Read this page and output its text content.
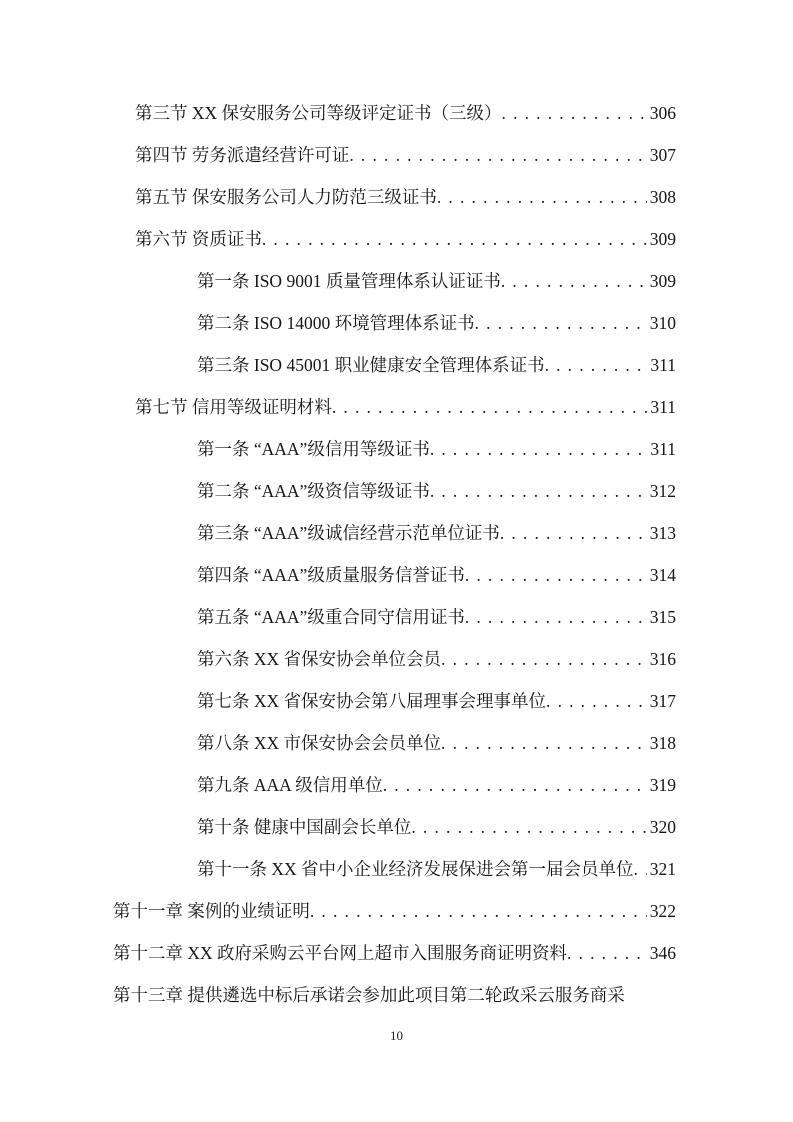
第三节 XX 保安服务公司等级评定证书（三级） . . .	306
第四节 劳务派遣经营许可证 . . .	307
第五节 保安服务公司人力防范三级证书 . . .	308
第六节 资质证书 . . .	309
第一条 ISO 9001 质量管理体系认证证书 . . .	309
第二条 ISO 14000 环境管理体系证书 . . .	310
第三条 ISO 45001 职业健康安全管理体系证书 . . .	311
第七节 信用等级证明材料 . . .	311
第一条 “AAA”级信用等级证书 . . .	311
第二条 “AAA”级资信等级证书 . . .	312
第三条 “AAA”级诚信经营示范单位证书 . . .	313
第四条 “AAA”级质量服务信誉证书 . . .	314
第五条 “AAA”级重合同守信用证书 . . .	315
第六条 XX 省保安协会单位会员 . . .	316
第七条 XX 省保安协会第八届理事会理事单位 . . .	317
第八条 XX 市保安协会会员单位 . . .	318
第九条 AAA 级信用单位 . . .	319
第十条 健康中国副会长单位 . . .	320
第十一条 XX 省中小企业经济发展保进会第一届会员单位 . . . 321
第十一章 案例的业绩证明 . . .	322
第十二章 XX 政府采购云平台网上超市入围服务商证明资料 . . .	346
第十三章 提供遴选中标后承诺会参加此项目第二轮政采云服务商采
10
